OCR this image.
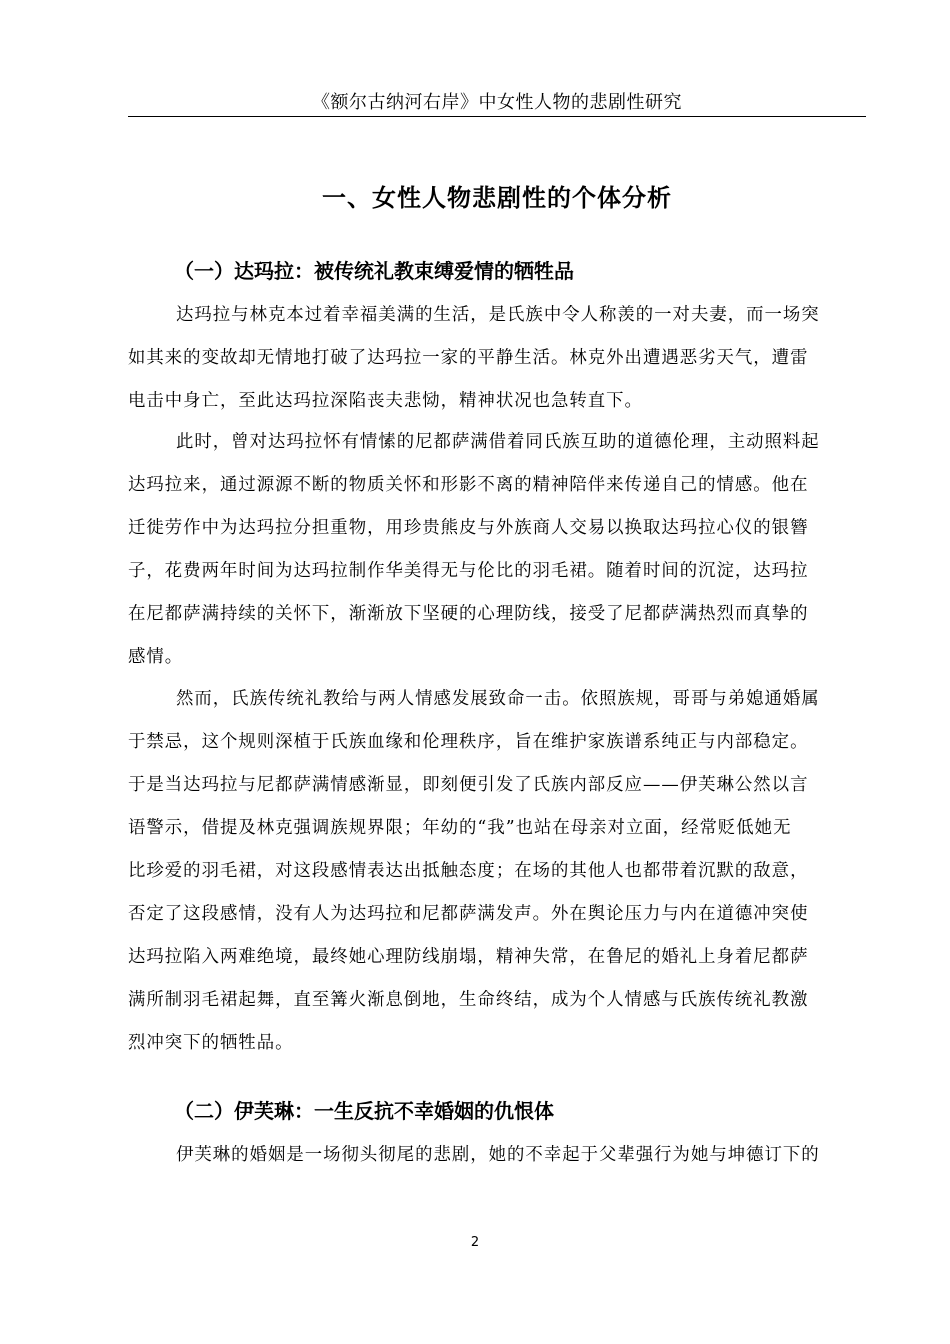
《额尔古纳河右岸》中女性人物的悲剧性研究
一、女性人物悲剧性的个体分析
（一）达玛拉：被传统礼教束缚爱情的牺牲品
达玛拉与林克本过着幸福美满的生活，是氏族中令人称羡的一对夫妻，而一场突
如其来的变故却无情地打破了达玛拉一家的平静生活。林克外出遭遇恶劣天气，遭雷
电击中身亡，至此达玛拉深陷丧夫悲恸，精神状况也急转直下。
此时，曾对达玛拉怀有情愫的尼都萨满借着同氏族互助的道德伦理，主动照料起
达玛拉来，通过源源不断的物质关怀和形影不离的精神陪伴来传递自己的情感。他在
迁徙劳作中为达玛拉分担重物，用珍贵熊皮与外族商人交易以换取达玛拉心仪的银簪
子，花费两年时间为达玛拉制作华美得无与伦比的羽毛裙。随着时间的沉淀，达玛拉
在尼都萨满持续的关怀下，渐渐放下坚硬的心理防线，接受了尼都萨满热烈而真挚的
感情。
然而，氏族传统礼教给与两人情感发展致命一击。依照族规，哥哥与弟媳通婚属
于禁忌，这个规则深植于氏族血缘和伦理秩序，旨在维护家族谱系纯正与内部稳定。
于是当达玛拉与尼都萨满情感渐显，即刻便引发了氏族内部反应——伊芙琳公然以言
语警示，借提及林克强调族规界限；年幼的“我”也站在母亲对立面，经常贬低她无
比珍爱的羽毛裙，对这段感情表达出抵触态度；在场的其他人也都带着沉默的敌意，
否定了这段感情，没有人为达玛拉和尼都萨满发声。外在舆论压力与内在道德冲突使
达玛拉陷入两难绝境，最终她心理防线崩塌，精神失常，在鲁尼的婚礼上身着尼都萨
满所制羽毛裙起舞，直至篝火渐息倒地，生命终结，成为个人情感与氏族传统礼教激
烈冲突下的牺牲品。
（二）伊芙琳：一生反抗不幸婚姻的仇恨体
伊芙琳的婚姻是一场彻头彻尾的悲剧，她的不幸起于父辈强行为她与坤德订下的
2
